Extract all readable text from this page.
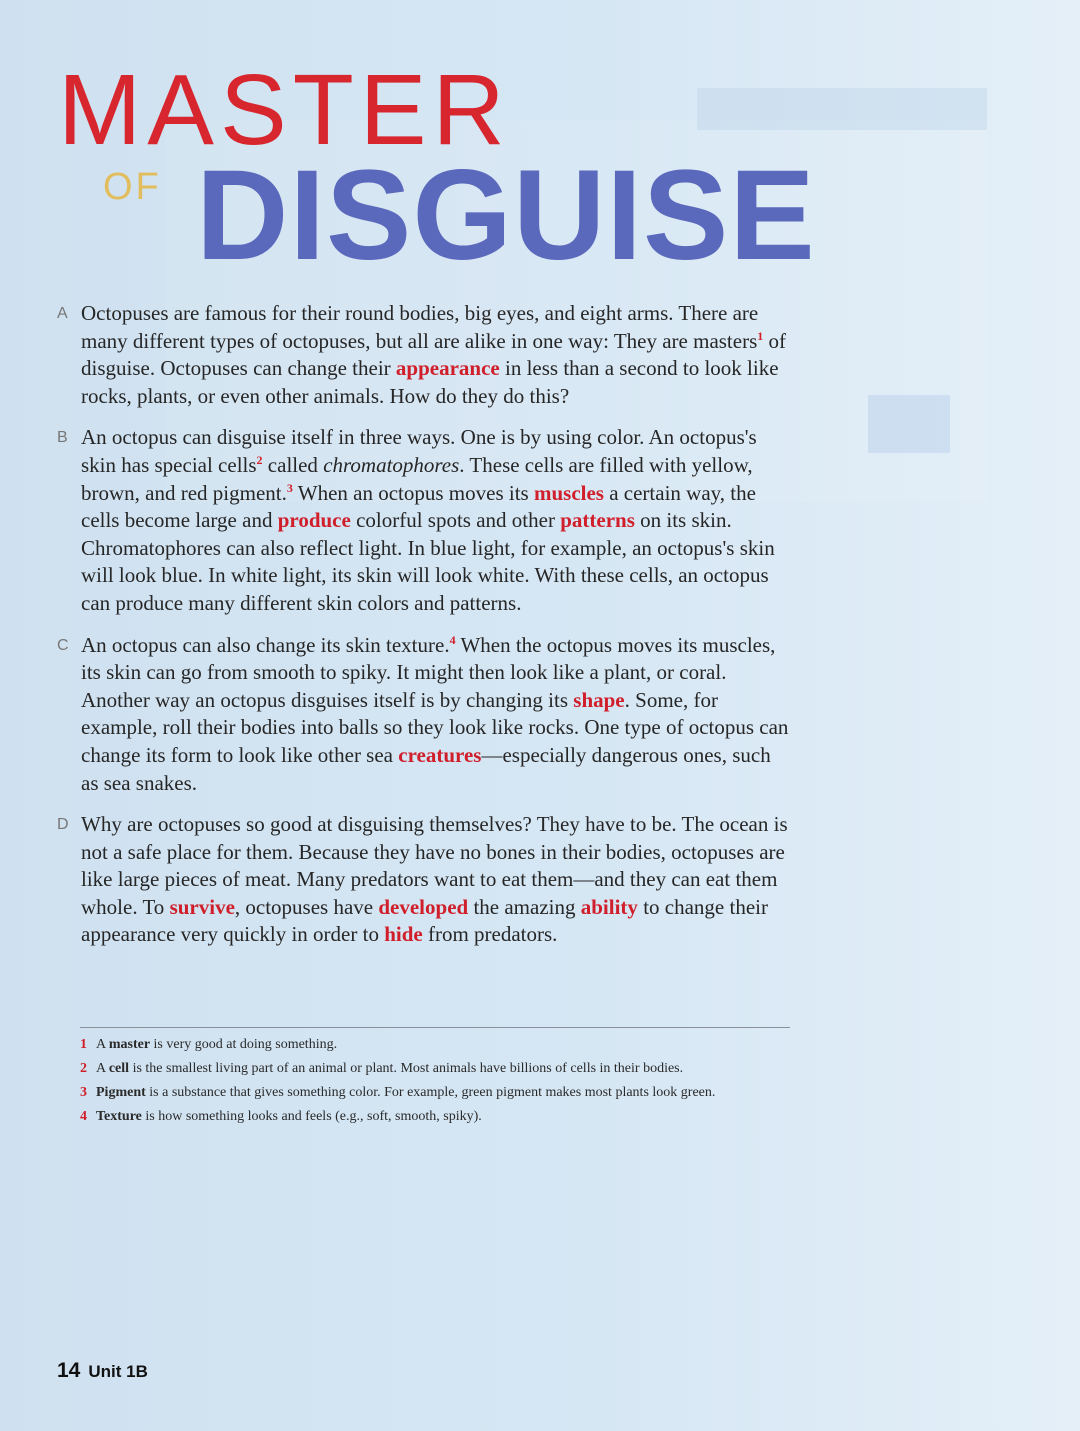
MASTER
OF DISGUISE
A Octopuses are famous for their round bodies, big eyes, and eight arms. There are many different types of octopuses, but all are alike in one way: They are masters$^1$ of disguise. Octopuses can change their appearance in less than a second to look like rocks, plants, or even other animals. How do they do this?

B An octopus can disguise itself in three ways. One is by using color. An octopus's skin has special cells$^2$ called chromatophores. These cells are filled with yellow, brown, and red pigment.$^3$ When an octopus moves its muscles a certain way, the cells become large and produce colorful spots and other patterns on its skin. Chromatophores can also reflect light. In blue light, for example, an octopus's skin will look blue. In white light, its skin will look white. With these cells, an octopus can produce many different skin colors and patterns.

C An octopus can also change its skin texture.$^4$ When the octopus moves its muscles, its skin can go from smooth to spiky. It might then look like a plant, or coral. Another way an octopus disguises itself is by changing its shape. Some, for example, roll their bodies into balls so they look like rocks. One type of octopus can change its form to look like other sea creatures—especially dangerous ones, such as sea snakes.

D Why are octopuses so good at disguising themselves? They have to be. The ocean is not a safe place for them. Because they have no bones in their bodies, octopuses are like large pieces of meat. Many predators want to eat them—and they can eat them whole. To survive, octopuses have developed the amazing ability to change their appearance very quickly in order to hide from predators.

1 A master is very good at doing something.

2 A cell is the smallest living part of an animal or plant. Most animals have billions of cells in their bodies.

3 Pigment is a substance that gives something color. For example, green pigment makes most plants look green.

4 Texture is how something looks and feels (e.g., soft, smooth, spiky).

14 Unit 1B
